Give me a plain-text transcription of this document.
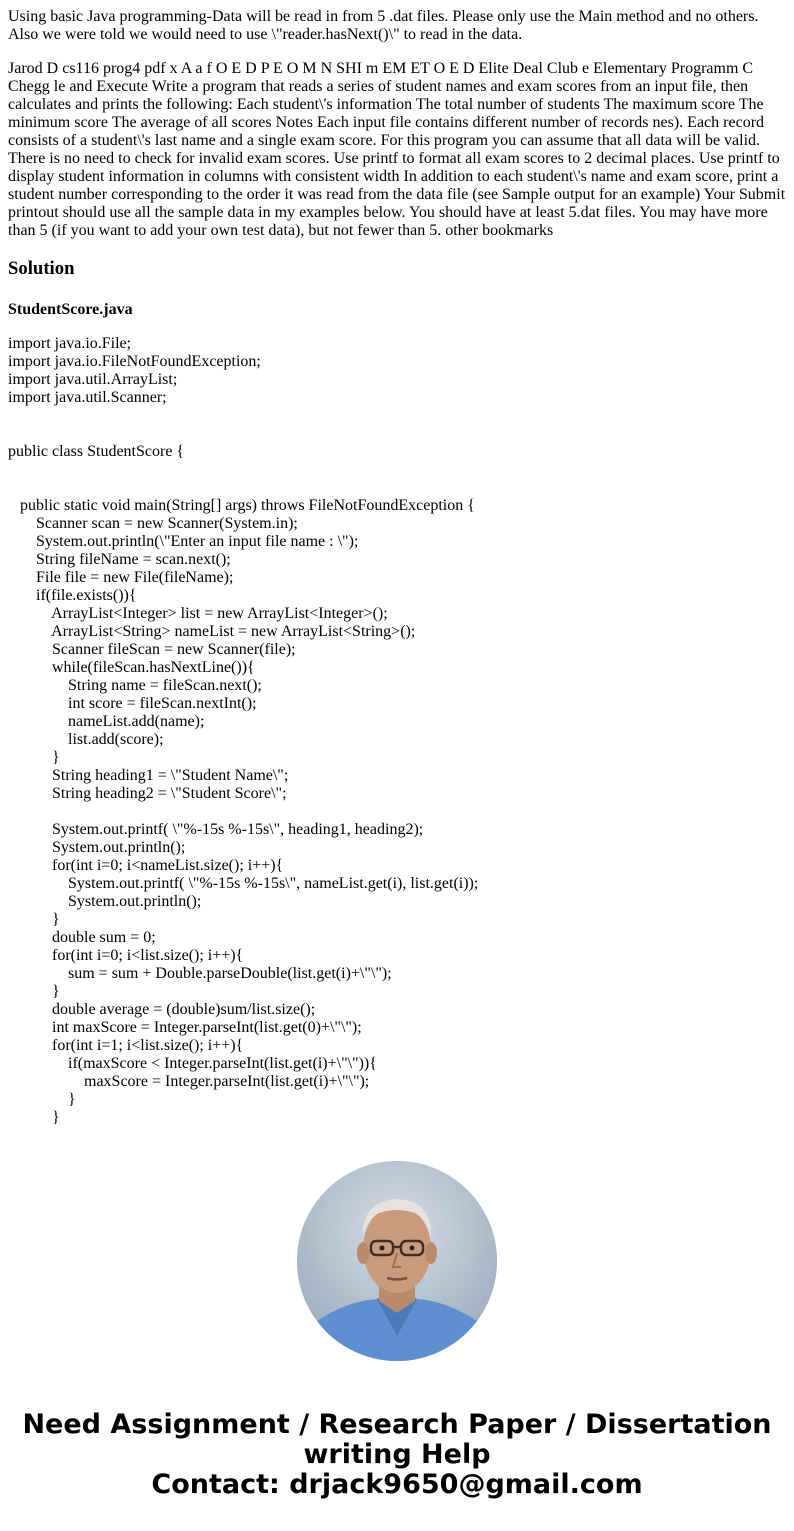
Using basic Java programming-Data will be read in from 5 .dat files. Please only use the Main method and no others. Also we were told we would need to use \"reader.hasNext()\" to read in the data.

Jarod D cs116 prog4 pdf x A a f O E D P E O M N SHI m EM ET O E D Elite Deal Club e Elementary Programm C Chegg le and Execute Write a program that reads a series of student names and exam scores from an input file, then calculates and prints the following: Each student\'s information The total number of students The maximum score The minimum score The average of all scores Notes Each input file contains different number of records nes). Each record consists of a student\'s last name and a single exam score. For this program you can assume that all data will be valid. There is no need to check for invalid exam scores. Use printf to format all exam scores to 2 decimal places. Use printf to display student information in columns with consistent width In addition to each student\'s name and exam score, print a student number corresponding to the order it was read from the data file (see Sample output for an example) Your Submit printout should use all the sample data in my examples below. You should have at least 5.dat files. You may have more than 5 (if you want to add your own test data), but not fewer than 5. other bookmarks

Solution
StudentScore.java
import java.io.File;
import java.io.FileNotFoundException;
import java.util.ArrayList;
import java.util.Scanner;
public class StudentScore {
public static void main(String[] args) throws FileNotFoundException {
Scanner scan = new Scanner(System.in);
System.out.println(\"Enter an input file name : \");
String fileName = scan.next();
File file = new File(fileName);
if(file.exists()){
ArrayList<Integer> list = new ArrayList<Integer>();
ArrayList<String> nameList = new ArrayList<String>();
Scanner fileScan = new Scanner(file);
while(fileScan.hasNextLine()){
String name = fileScan.next();
int score = fileScan.nextInt();
nameList.add(name);
list.add(score);
}
String heading1 = \"Student Name\";
String heading2 = \"Student Score\";
System.out.printf( \"%-15s %-15s\", heading1, heading2);
System.out.println();
for(int i=0; i<nameList.size(); i++){
System.out.printf( \"%-15s %-15s\", nameList.get(i), list.get(i));
System.out.println();
}
double sum = 0;
for(int i=0; i<list.size(); i++){
sum = sum + Double.parseDouble(list.get(i)+\"\");
}
double average = (double)sum/list.size();
int maxScore = Integer.parseInt(list.get(0)+\"\");
for(int i=1; i<list.size(); i++){
if(maxScore < Integer.parseInt(list.get(i)+\"\")){
maxScore = Integer.parseInt(list.get(i)+\"\");
}
}
Need Assignment / Research Paper / Dissertation
writing Help
Contact: drjack9650@gmail.com
